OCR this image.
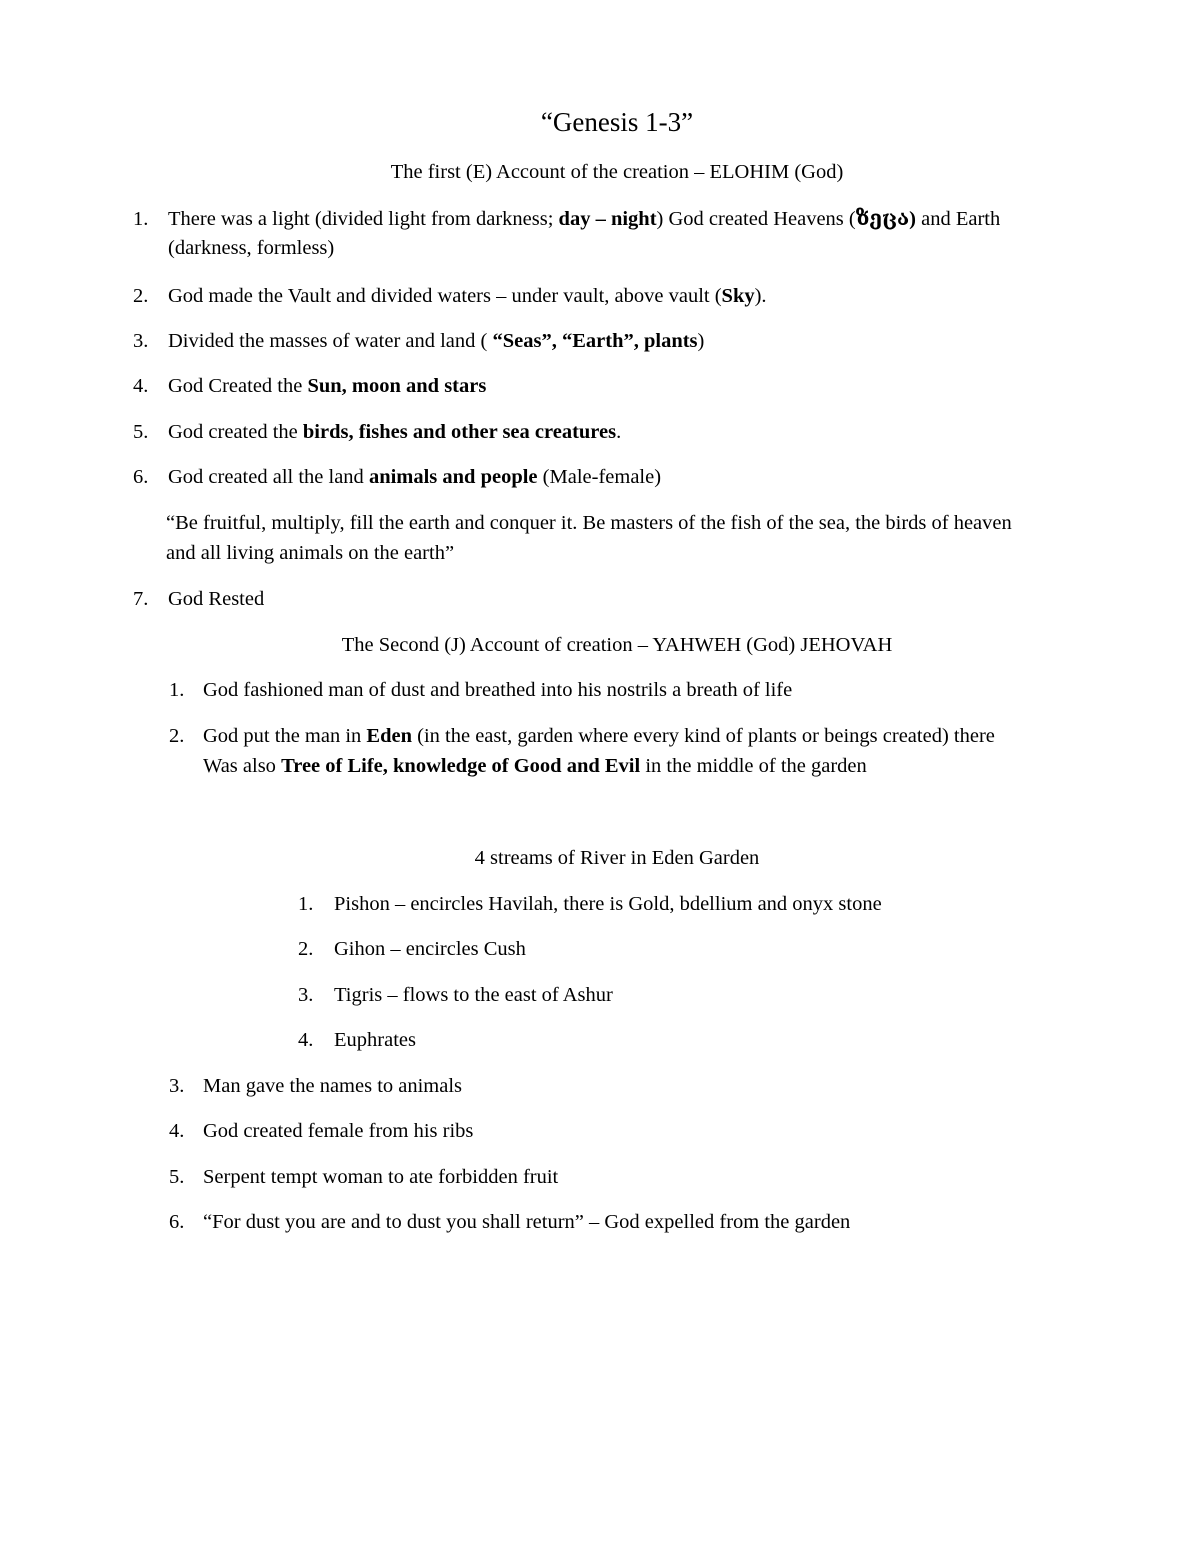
“Genesis 1-3”
The first (E) Account of the creation – ELOHIM (God)
1. There was a light (divided light from darkness; day – night) God created Heavens (ზეცა) and Earth
(darkness, formless)
2. God made the Vault and divided waters – under vault, above vault (Sky).
3. Divided the masses of water and land ( “Seas”, “Earth”, plants)
4. God Created the Sun, moon and stars
5. God created the birds, fishes and other sea creatures.
6. God created all the land animals and people (Male-female)
“Be fruitful, multiply, fill the earth and conquer it. Be masters of the fish of the sea, the birds of heaven
and all living animals on the earth”
7. God Rested
The Second (J) Account of creation – YAHWEH (God) JEHOVAH
1. God fashioned man of dust and breathed into his nostrils a breath of life
2. God put the man in Eden (in the east, garden where every kind of plants or beings created) there
Was also Tree of Life, knowledge of Good and Evil in the middle of the garden
4 streams of River in Eden Garden
1. Pishon – encircles Havilah, there is Gold, bdellium and onyx stone
2. Gihon – encircles Cush
3. Tigris – flows to the east of Ashur
4. Euphrates
3. Man gave the names to animals
4. God created female from his ribs
5. Serpent tempt woman to ate forbidden fruit
6. “For dust you are and to dust you shall return” – God expelled from the garden
